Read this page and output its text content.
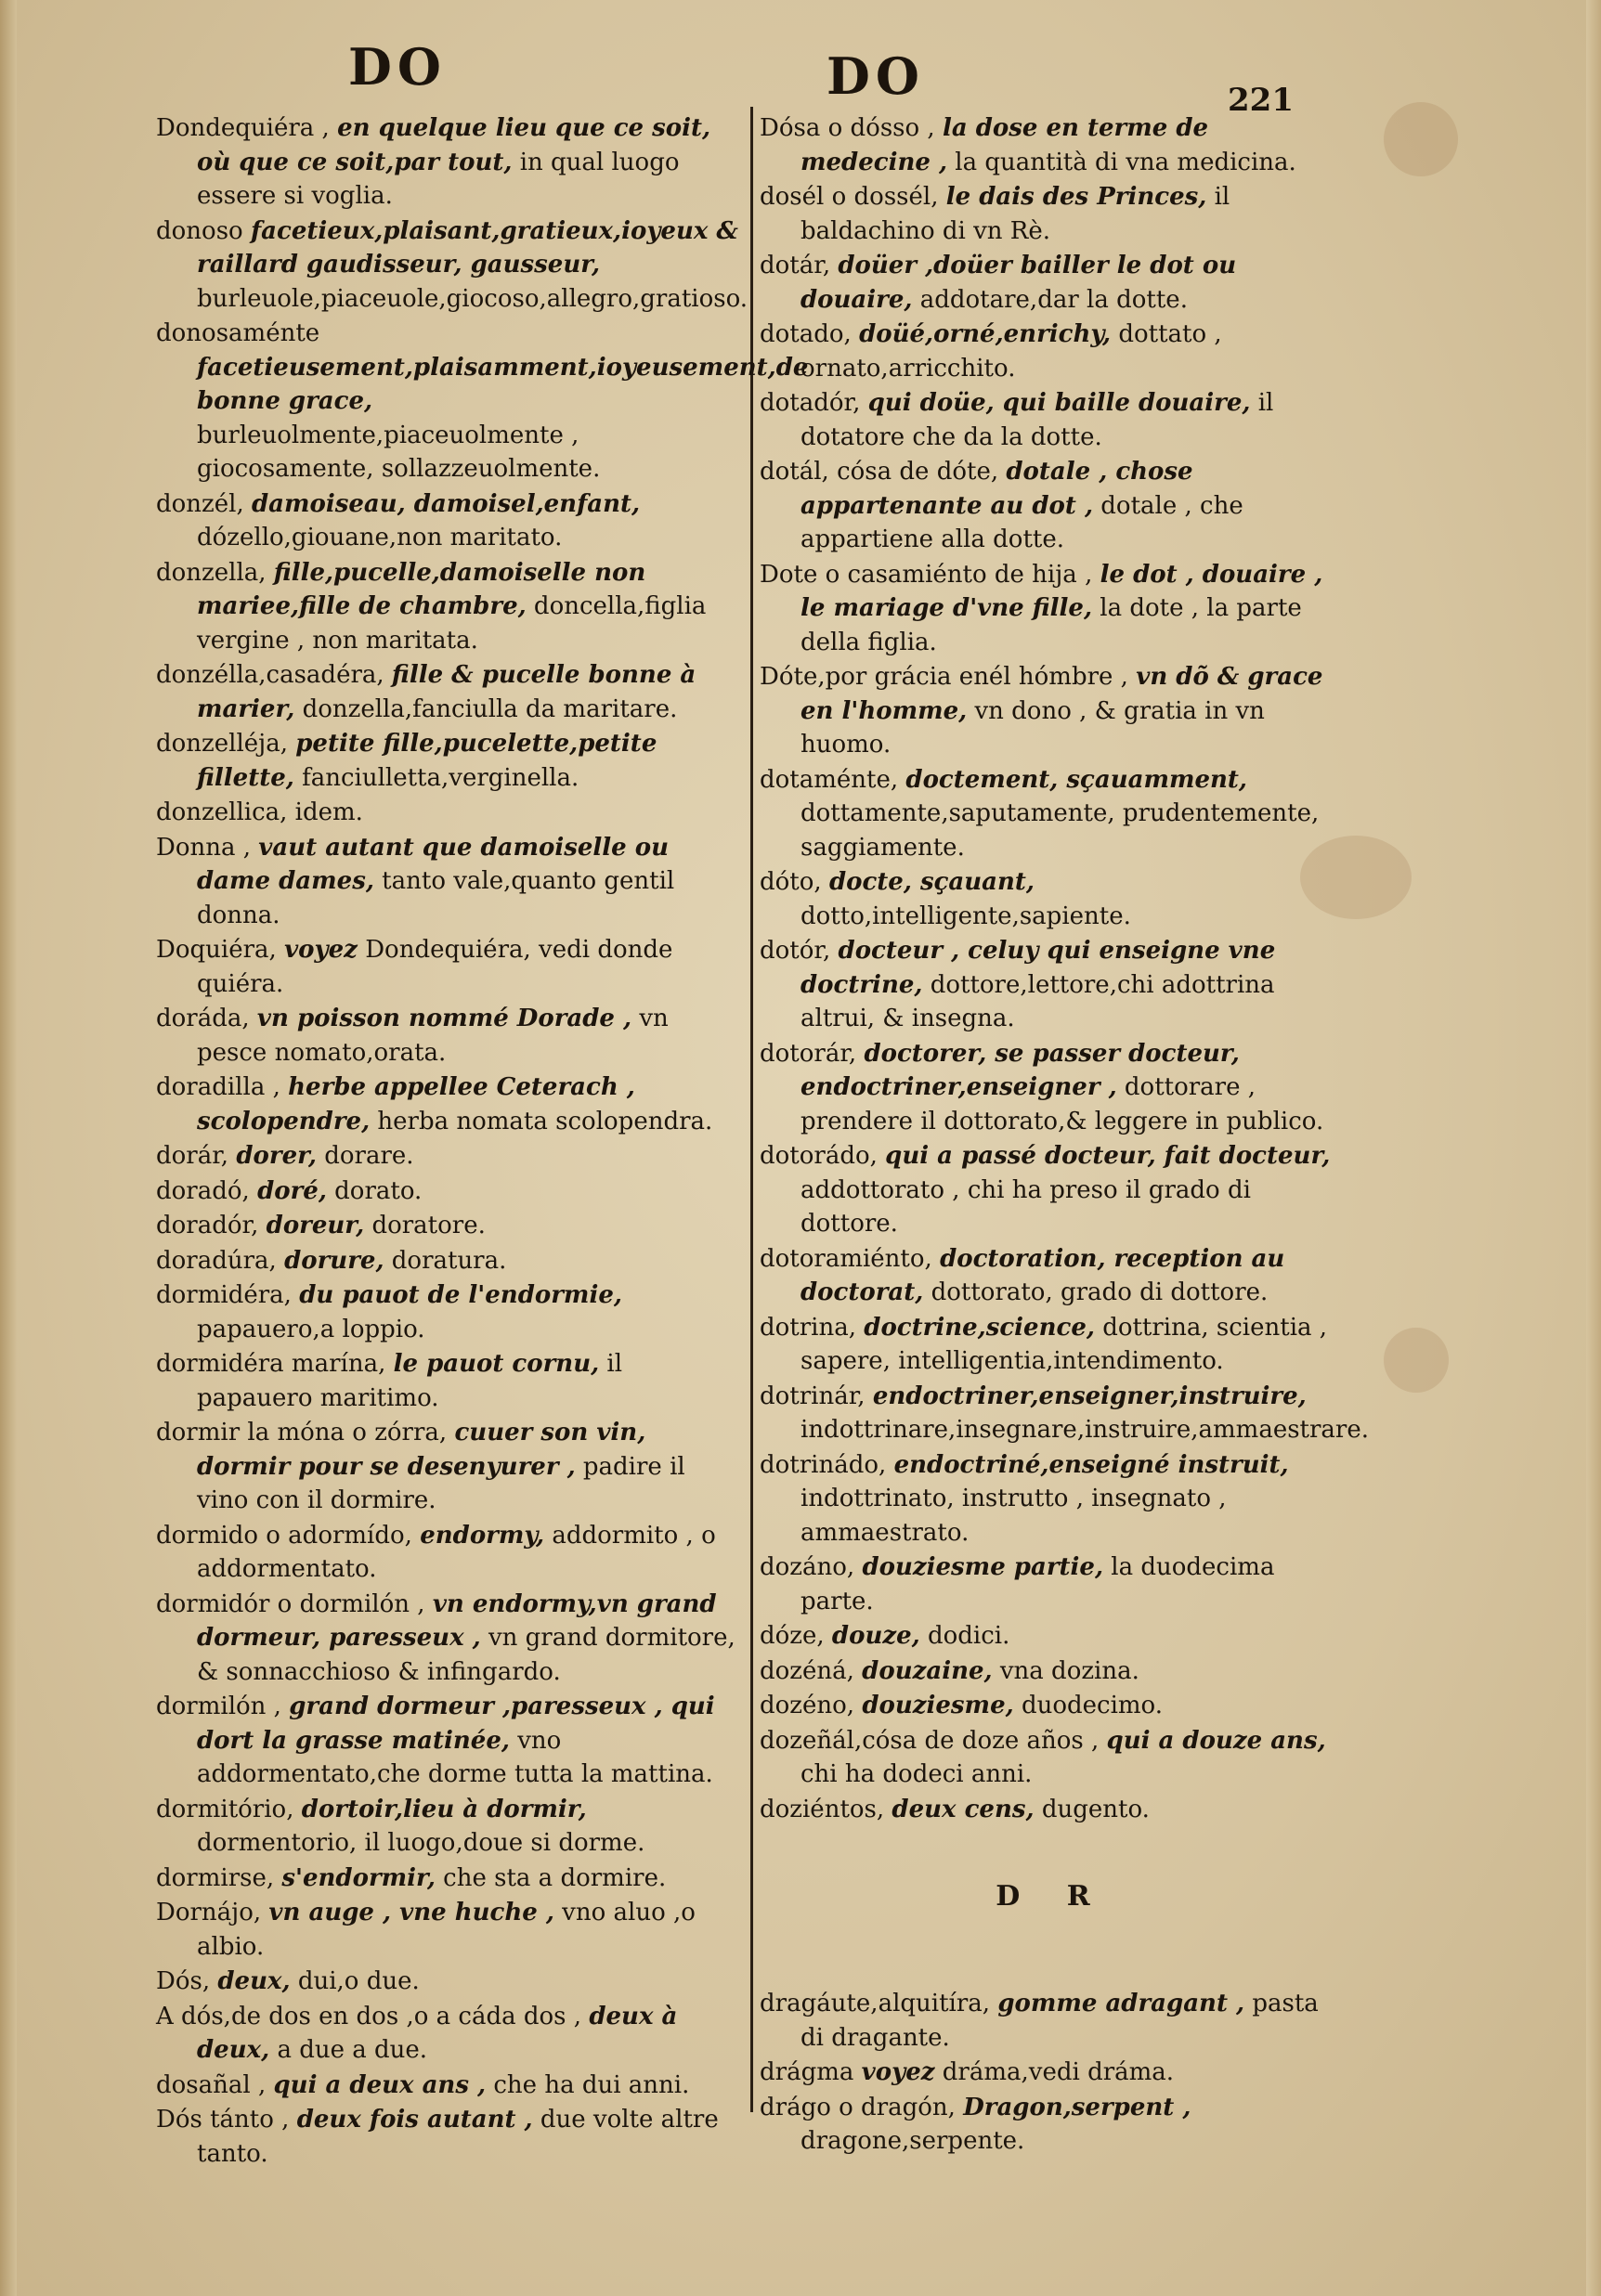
DO	DO	221

Dondequiéra , en quelque lieu que ce soit, où que ce soit,par tout, in qual luogo essere si voglia.

donoso facetieux,plaisant,gratieux,ioyeux & raillard gaudisseur, gausseur, burleuole,piaceuole,giocoso,allegro,gratioso.

donosaménte facetieusement,plaisamment,ioyeusement,de bonne grace, burleuolmente,piaceuolmente , giocosamente, sollazzeuolmente.

donzél, damoiseau, damoisel,enfant, dózello,giouane,non maritato.

donzella, fille,pucelle,damoiselle non mariee,fille de chambre, doncella,figlia vergine , non maritata.

donzélla,casadéra, fille & pucelle bonne à marier, donzella,fanciulla da maritare.

donzelléja, petite fille,pucelette,petite fillette, fanciulletta,verginella.

donzellica, idem.

Donna , vaut autant que damoiselle ou dame dames, tanto vale,quanto gentil donna.

Doquiéra, voyez Dondequiéra, vedi donde quiéra.

doráda, vn poisson nommé Dorade , vn pesce nomato,orata.

doradilla , herbe appellee Ceterach , scolopendre, herba nomata scolopendra.

dorár, dorer, dorare.

doradó, doré, dorato.

doradór, doreur, doratore.

doradúra, dorure, doratura.

dormidéra, du pauot de l'endormie, papauero,a loppio.

dormidéra marína, le pauot cornu, il papauero maritimo.

dormir la móna o zórra, cuuer son vin, dormir pour se desenyurer , padire il vino con il dormire.

dormido o adormído, endormy, addormito , o addormentato.

dormidór o dormilón , vn endormy,vn grand dormeur, paresseux , vn grand dormitore, & sonnacchioso & infingardo.

dormilón , grand dormeur ,paresseux , qui dort la grasse matinée, vno addormentato,che dorme tutta la mattina.

dormitório, dortoir,lieu à dormir, dormentorio, il luogo,doue si dorme.

dormirse, s'endormir, che sta a dormire.

Dornájo, vn auge , vne huche , vno aluo ,o albio.

Dós, deux, dui,o due.

A dós,de dos en dos ,o a cáda dos , deux à deux, a due a due.

dosañal , qui a deux ans , che ha dui anni.

Dós tánto , deux fois autant , due volte altre tanto.

Dósa o dósso , la dose en terme de medecine , la quantità di vna medicina.

dosél o dossél, le dais des Princes, il baldachino di vn Rè.

dotár, doüer ,doüer bailler le dot ou douaire, addotare,dar la dotte.

dotado, doüé,orné,enrichy, dottato , ornato,arricchito.

dotadór, qui doüe, qui baille douaire, il dotatore che da la dotte.

dotál, cósa de dóte, dotale , chose appartenante au dot , dotale , che appartiene alla dotte.

Dote o casamiénto de hija , le dot , douaire , le mariage d'vne fille, la dote , la parte della figlia.

Dóte,por grácia enél hómbre , vn dõ & grace en l'homme, vn dono , & gratia in vn huomo.

dotaménte, doctement, sçauamment, dottamente,saputamente, prudentemente, saggiamente.

dóto, docte, sçauant, dotto,intelligente,sapiente.

dotór, docteur , celuy qui enseigne vne doctrine, dottore,lettore,chi adottrina altrui, & insegna.

dotorár, doctorer, se passer docteur, endoctriner,enseigner , dottorare , prendere il dottorato,& leggere in publico.

dotorádo, qui a passé docteur, fait docteur, addottorato , chi ha preso il grado di dottore.

dotoramiénto, doctoration, reception au doctorat, dottorato, grado di dottore.

dotrina, doctrine,science, dottrina, scientia , sapere, intelligentia,intendimento.

dotrinár, endoctriner,enseigner,instruire, indottrinare,insegnare,instruire,ammaestrare.

dotrinádo, endoctriné,enseigné instruit, indottrinato, instrutto , insegnato , ammaestrato.

dozáno, douziesme partie, la duodecima parte.

dóze, douze, dodici.

dozéná, douzaine, vna dozina.

dozéno, douziesme, duodecimo.

dozeñál,cósa de doze años , qui a douze ans, chi ha dodeci anni.

doziéntos, deux cens, dugento.

D R

dragáute,alquitíra, gomme adragant , pasta di dragante.

drágma voyez dráma,vedi dráma.

drágo o dragón, Dragon,serpent , dragone,serpente.
